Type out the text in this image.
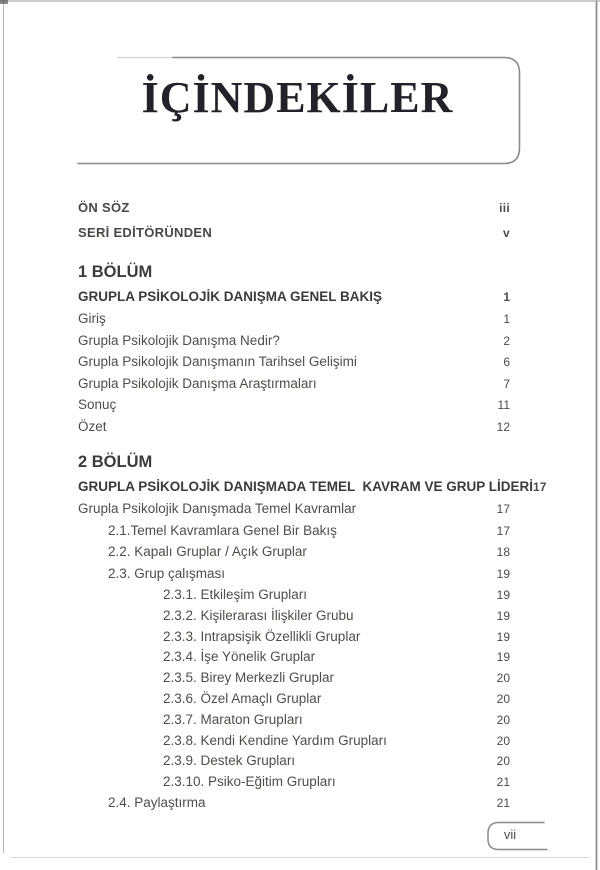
İÇİNDEKİLER
ÖN SÖZ	iii
SERİ EDİTÖRÜNDEN	v
1 BÖLÜM
GRUPLA PSİKOLOJİK DANIŞMA GENEL BAKIŞ	1
Giriş	1
Grupla Psikolojik Danışma Nedir?	2
Grupla Psikolojik Danışmanın Tarihsel Gelişimi	6
Grupla Psikolojik Danışma Araştırmaları	7
Sonuç	11
Özet	12
2 BÖLÜM
GRUPLA PSİKOLOJİK DANIŞMADA TEMEL  KAVRAM VE GRUP LİDERİ 17
Grupla Psikolojik Danışmada Temel Kavramlar	17
2.1.Temel Kavramlara Genel Bir Bakış	17
2.2. Kapalı Gruplar / Açık Gruplar	18
2.3. Grup çalışması	19
2.3.1. Etkileşim Grupları	19
2.3.2. Kişilerarası İlişkiler Grubu	19
2.3.3. Intrapsişik Özellikli Gruplar	19
2.3.4. İşe Yönelik Gruplar	19
2.3.5. Birey Merkezli Gruplar	20
2.3.6. Özel Amaçlı Gruplar	20
2.3.7. Maraton Grupları	20
2.3.8. Kendi Kendine Yardım Grupları	20
2.3.9. Destek Grupları	20
2.3.10. Psiko-Eğitim Grupları	21
2.4. Paylaştırma	21
vii
